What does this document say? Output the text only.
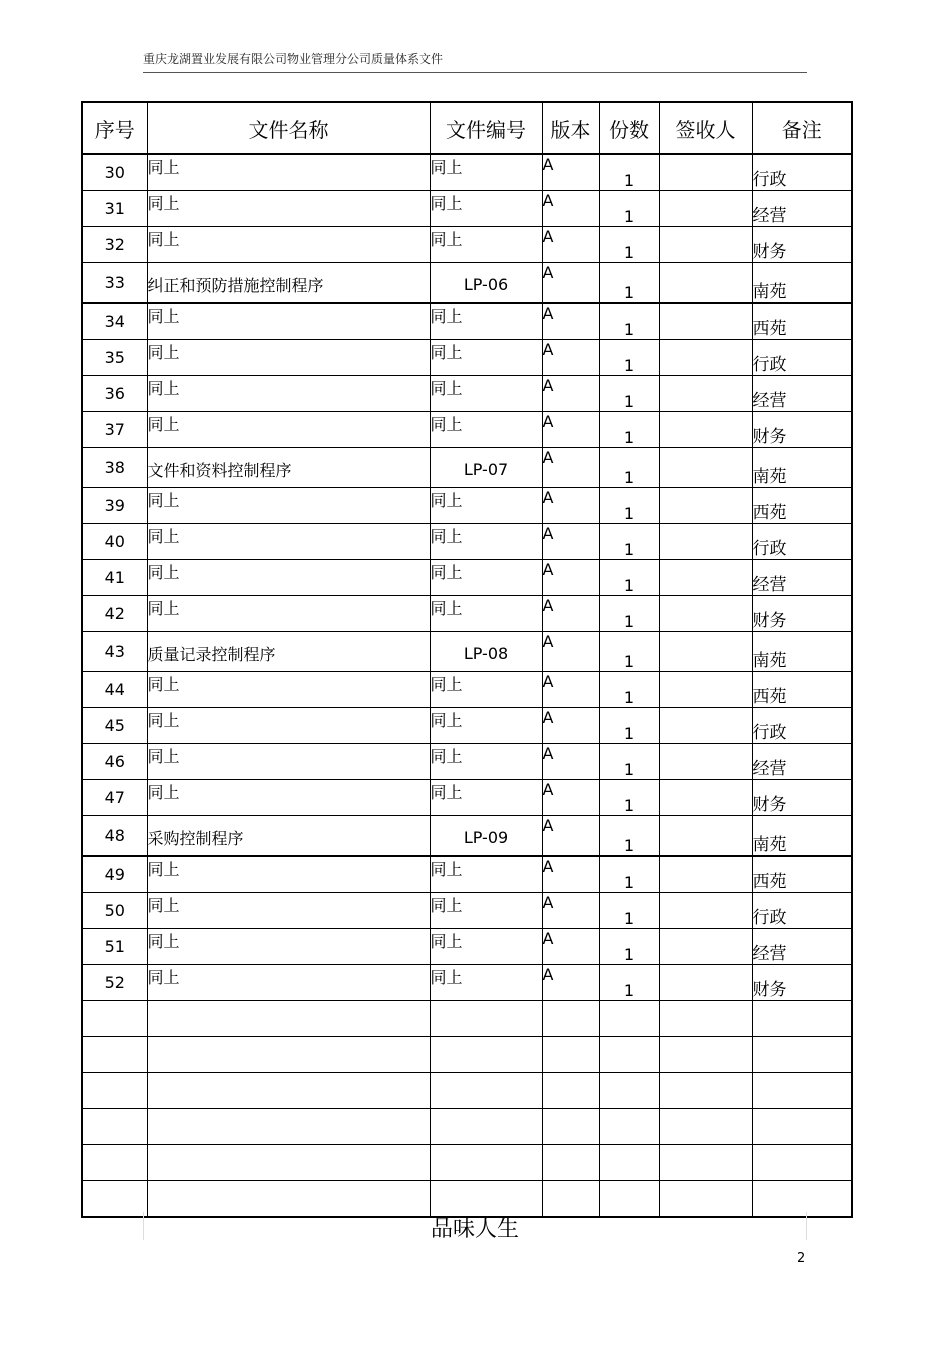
重庆龙湖置业发展有限公司物业管理分公司质量体系文件
序号	文件名称	文件编号	版本	份数	签收人	备注
30	同上	同上	A	1		行政
31	同上	同上	A	1		经营
32	同上	同上	A	1		财务
33	纠正和预防措施控制程序	LP-06	A	1		南苑
34	同上	同上	A	1		西苑
35	同上	同上	A	1		行政
36	同上	同上	A	1		经营
37	同上	同上	A	1		财务
38	文件和资料控制程序	LP-07	A	1		南苑
39	同上	同上	A	1		西苑
40	同上	同上	A	1		行政
41	同上	同上	A	1		经营
42	同上	同上	A	1		财务
43	质量记录控制程序	LP-08	A	1		南苑
44	同上	同上	A	1		西苑
45	同上	同上	A	1		行政
46	同上	同上	A	1		经营
47	同上	同上	A	1		财务
48	采购控制程序	LP-09	A	1		南苑
49	同上	同上	A	1		西苑
50	同上	同上	A	1		行政
51	同上	同上	A	1		经营
52	同上	同上	A	1		财务

品味人生
2
